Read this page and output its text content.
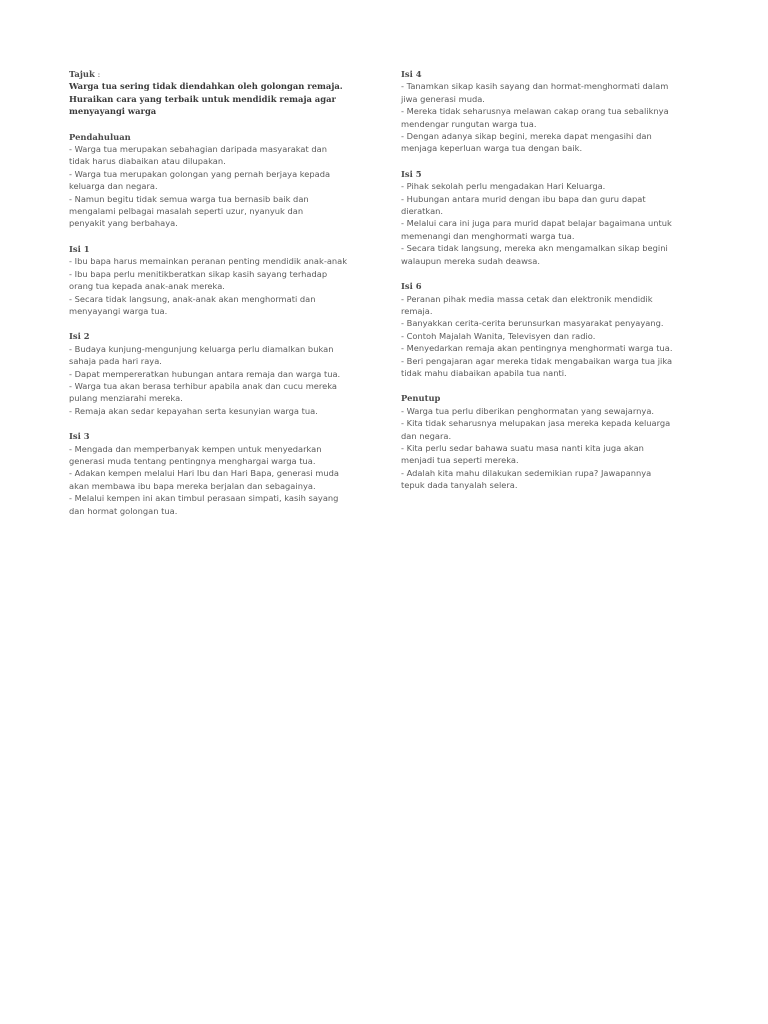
Tajuk :

Warga tua sering tidak diendahkan oleh golongan remaja.

Huraikan cara yang terbaik untuk mendidik remaja agar

menyayangi warga

Pendahuluan

- Warga tua merupakan sebahagian daripada masyarakat dan

tidak harus diabaikan atau dilupakan.

- Warga tua merupakan golongan yang pernah berjaya kepada

keluarga dan negara.

- Namun begitu tidak semua warga tua bernasib baik dan

mengalami pelbagai masalah seperti uzur, nyanyuk dan

penyakit yang berbahaya.

Isi 1

- Ibu bapa harus memainkan peranan penting mendidik anak-anak

- Ibu bapa perlu menitikberatkan sikap kasih sayang terhadap

orang tua kepada anak-anak mereka.

- Secara tidak langsung, anak-anak akan menghormati dan

menyayangi warga tua.

Isi 2

- Budaya kunjung-mengunjung keluarga perlu diamalkan bukan

sahaja pada hari raya.

- Dapat mempereratkan hubungan antara remaja dan warga tua.

- Warga tua akan berasa terhibur apabila anak dan cucu mereka

pulang menziarahi mereka.

- Remaja akan sedar kepayahan serta kesunyian warga tua.

Isi 3

- Mengada dan memperbanyak kempen untuk menyedarkan

generasi muda tentang pentingnya menghargai warga tua.

- Adakan kempen melalui Hari Ibu dan Hari Bapa, generasi muda

akan membawa ibu bapa mereka berjalan dan sebagainya.

- Melalui kempen ini akan timbul perasaan simpati, kasih sayang

dan hormat golongan tua.

Isi 4

- Tanamkan sikap kasih sayang dan hormat-menghormati dalam

jiwa generasi muda.

- Mereka tidak seharusnya melawan cakap orang tua sebaliknya

mendengar rungutan warga tua.

- Dengan adanya sikap begini, mereka dapat mengasihi dan

menjaga keperluan warga tua dengan baik.

Isi 5

- Pihak sekolah perlu mengadakan Hari Keluarga.

- Hubungan antara murid dengan ibu bapa dan guru dapat

dieratkan.

- Melalui cara ini juga para murid dapat belajar bagaimana untuk

memenangi dan menghormati warga tua.

- Secara tidak langsung, mereka akn mengamalkan sikap begini

walaupun mereka sudah deawsa.

Isi 6

- Peranan pihak media massa cetak dan elektronik mendidik

remaja.

- Banyakkan cerita-cerita berunsurkan masyarakat penyayang.

- Contoh Majalah Wanita, Televisyen dan radio.

- Menyedarkan remaja akan pentingnya menghormati warga tua.

- Beri pengajaran agar mereka tidak mengabaikan warga tua jika

tidak mahu diabaikan apabila tua nanti.

Penutup

- Warga tua perlu diberikan penghormatan yang sewajarnya.

- Kita tidak seharusnya melupakan jasa mereka kepada keluarga

dan negara.

- Kita perlu sedar bahawa suatu masa nanti kita juga akan

menjadi tua seperti mereka.

- Adalah kita mahu dilakukan sedemikian rupa? Jawapannya

tepuk dada tanyalah selera.
